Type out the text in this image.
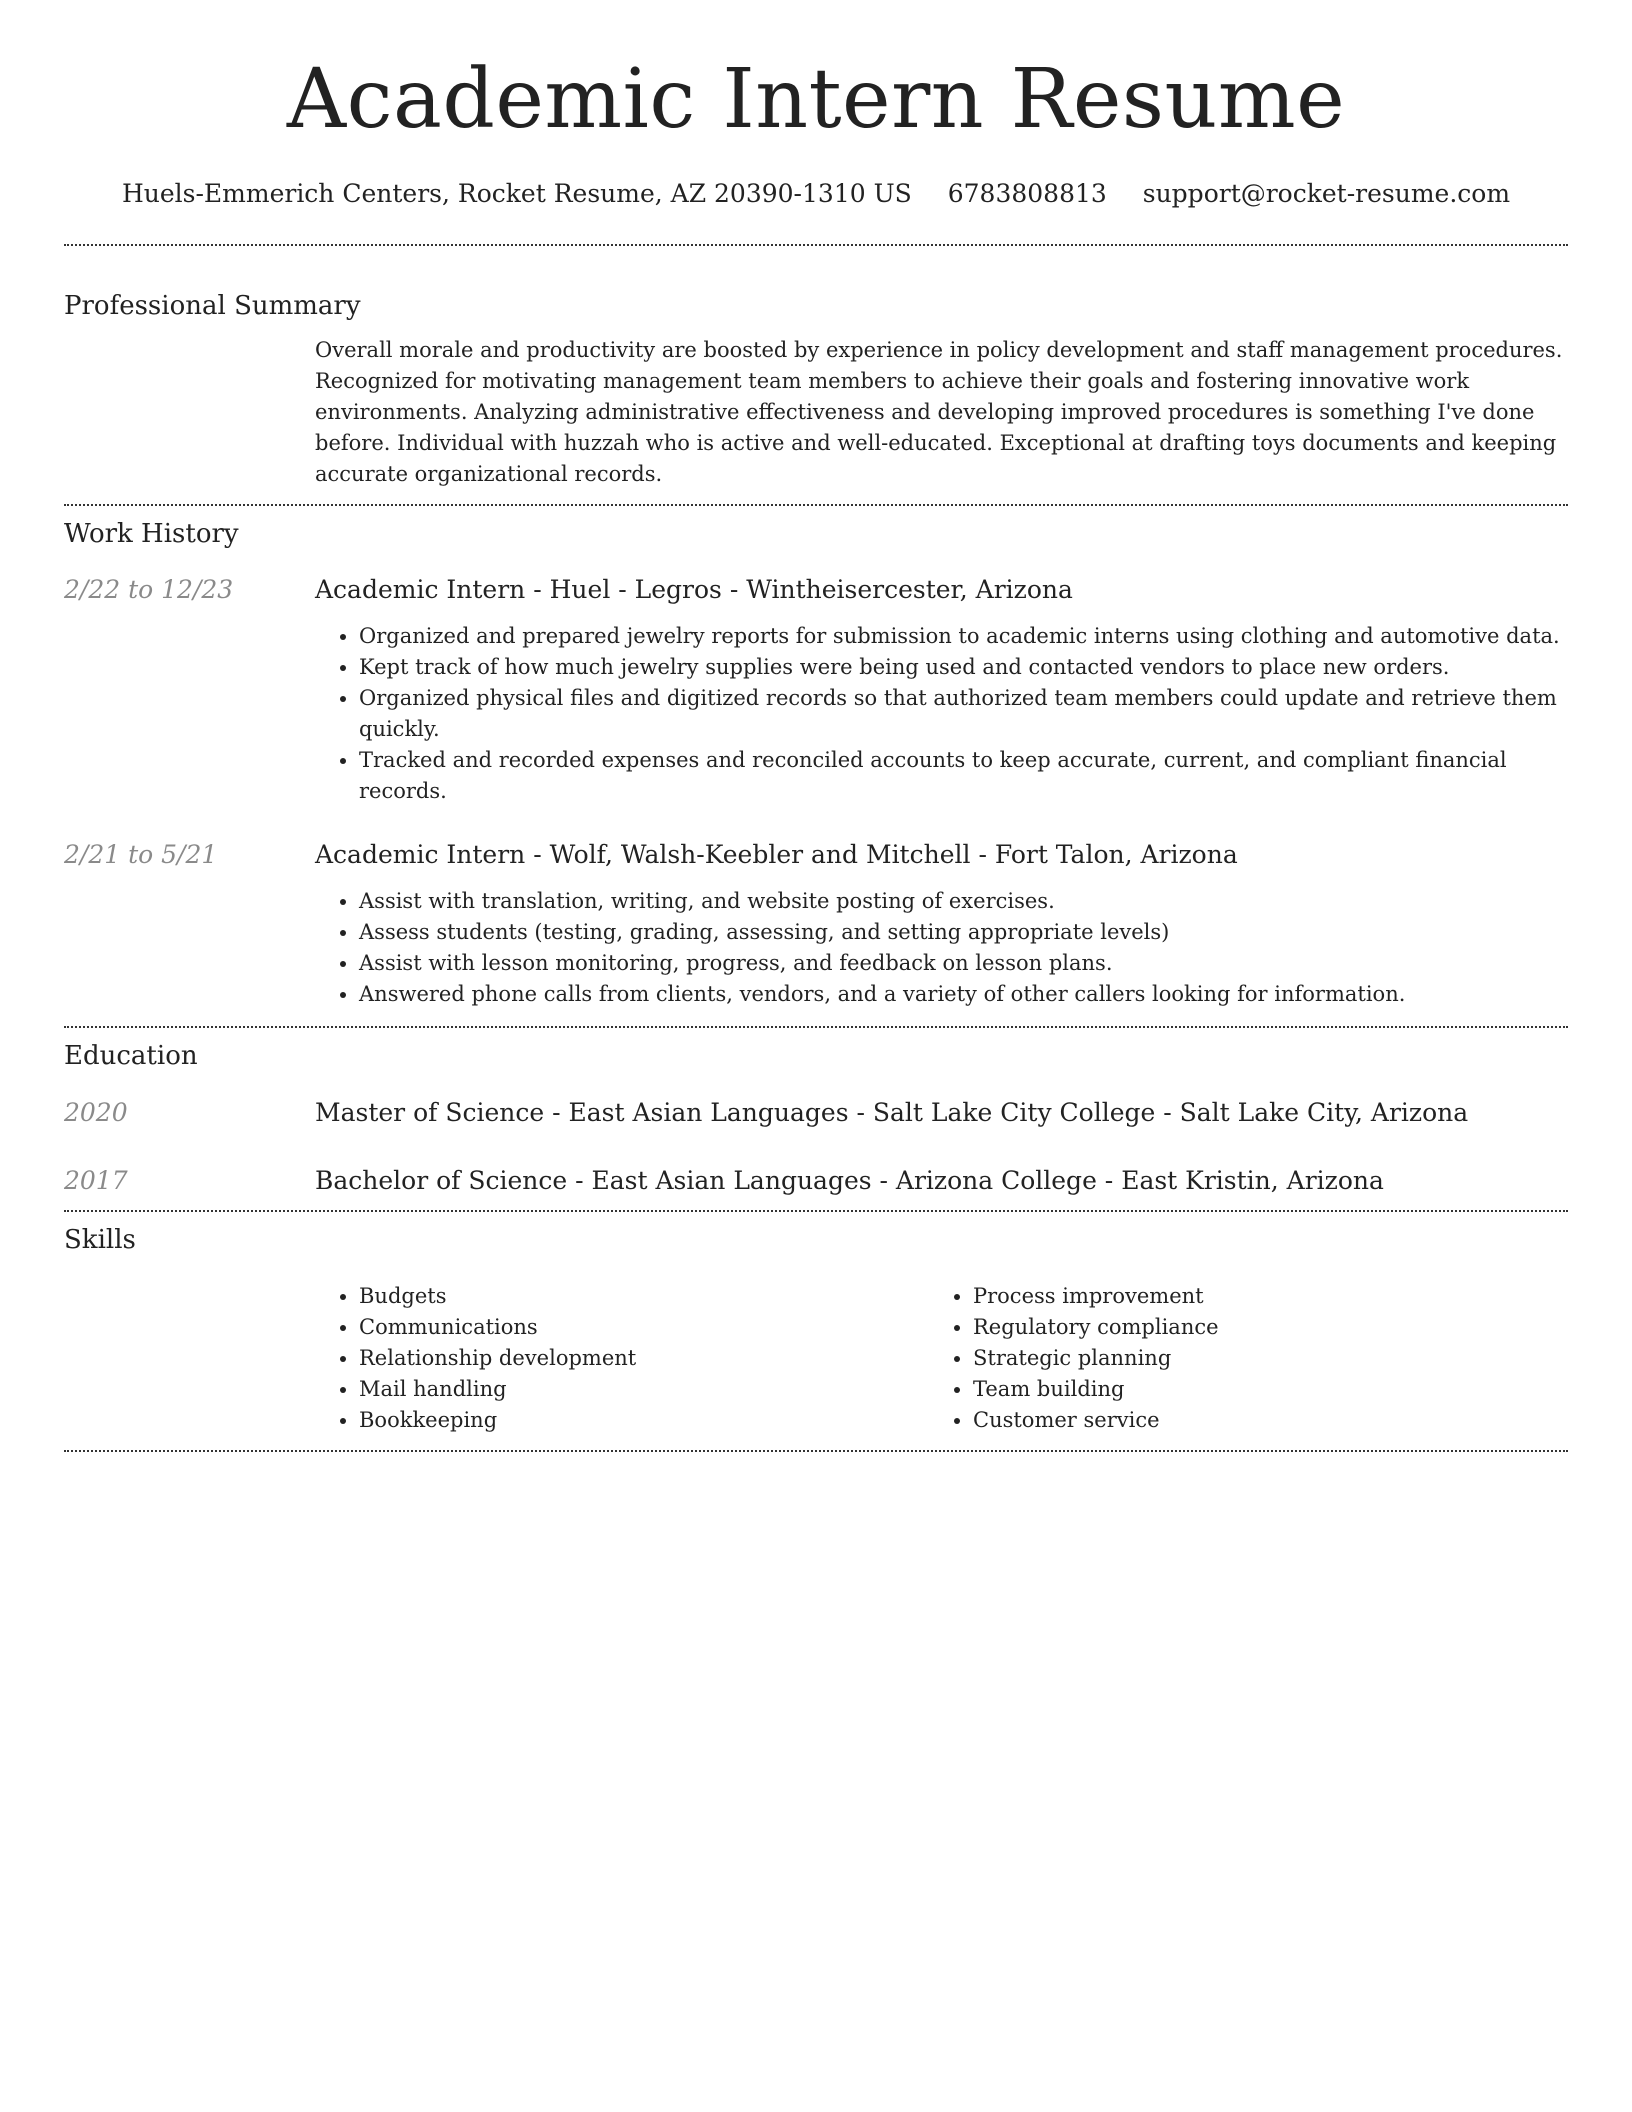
Academic Intern Resume
Huels-Emmerich Centers, Rocket Resume, AZ 20390-1310 US 6783808813 support@rocket-resume.com
Professional Summary
Overall morale and productivity are boosted by experience in policy development and staff management procedures. Recognized for motivating management team members to achieve their goals and fostering innovative work environments. Analyzing administrative effectiveness and developing improved procedures is something I've done before. Individual with huzzah who is active and well-educated. Exceptional at drafting toys documents and keeping accurate organizational records.
Work History
2/22 to 12/23	Academic Intern - Huel - Legros - Wintheisercester, Arizona
• Organized and prepared jewelry reports for submission to academic interns using clothing and automotive data.
• Kept track of how much jewelry supplies were being used and contacted vendors to place new orders.
• Organized physical files and digitized records so that authorized team members could update and retrieve them quickly.
• Tracked and recorded expenses and reconciled accounts to keep accurate, current, and compliant financial records.
2/21 to 5/21	Academic Intern - Wolf, Walsh-Keebler and Mitchell - Fort Talon, Arizona
• Assist with translation, writing, and website posting of exercises.
• Assess students (testing, grading, assessing, and setting appropriate levels)
• Assist with lesson monitoring, progress, and feedback on lesson plans.
• Answered phone calls from clients, vendors, and a variety of other callers looking for information.
Education
2020	Master of Science - East Asian Languages - Salt Lake City College - Salt Lake City, Arizona
2017	Bachelor of Science - East Asian Languages - Arizona College - East Kristin, Arizona
Skills
• Budgets
• Communications
• Relationship development
• Mail handling
• Bookkeeping
• Process improvement
• Regulatory compliance
• Strategic planning
• Team building
• Customer service
